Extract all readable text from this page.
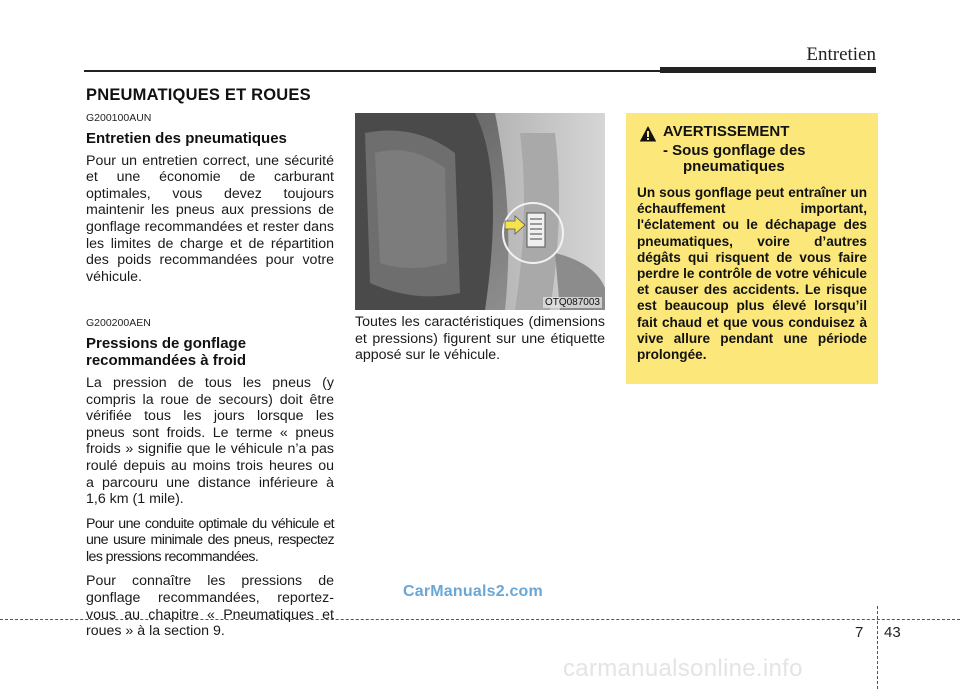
Entretien
PNEUMATIQUES ET ROUES
G200100AUN
Entretien des pneumatiques

Pour un entretien correct, une sécurité et une économie de carburant optimales, vous devez toujours maintenir les pneus aux pressions de gonflage recommandées et rester dans les limites de charge et de répartition des poids recommandées pour votre véhicule.

G200200AEN
Pressions de gonflage
recommandées à froid

La pression de tous les pneus (y compris la roue de secours) doit être vérifiée tous les jours lorsque les pneus sont froids. Le terme « pneus froids » signifie que le véhicule n’a pas roulé depuis au moins trois heures ou a parcouru une distance inférieure à 1,6 km (1 mile).

Pour une conduite optimale du véhicule et une usure minimale des pneus, respectez les pressions recommandées.

Pour connaître les pressions de gonflage recommandées, reportez-vous au chapitre « Pneumatiques et roues » à la section 9.

OTQ087003

Toutes les caractéristiques (dimensions et pressions) figurent sur une étiquette apposé sur le véhicule.

AVERTISSEMENT
- Sous gonflage des
pneumatiques
Un sous gonflage peut entraîner un échauffement important, l'éclatement ou le déchapage des pneumatiques, voire d’autres dégâts qui risquent de vous faire perdre le contrôle de votre véhicule et causer des accidents. Le risque est beaucoup plus élevé lorsqu’il fait chaud et que vous conduisez à vive allure pendant une période prolongée.
CarManuals2.com
7 43
carmanualsonline.info
